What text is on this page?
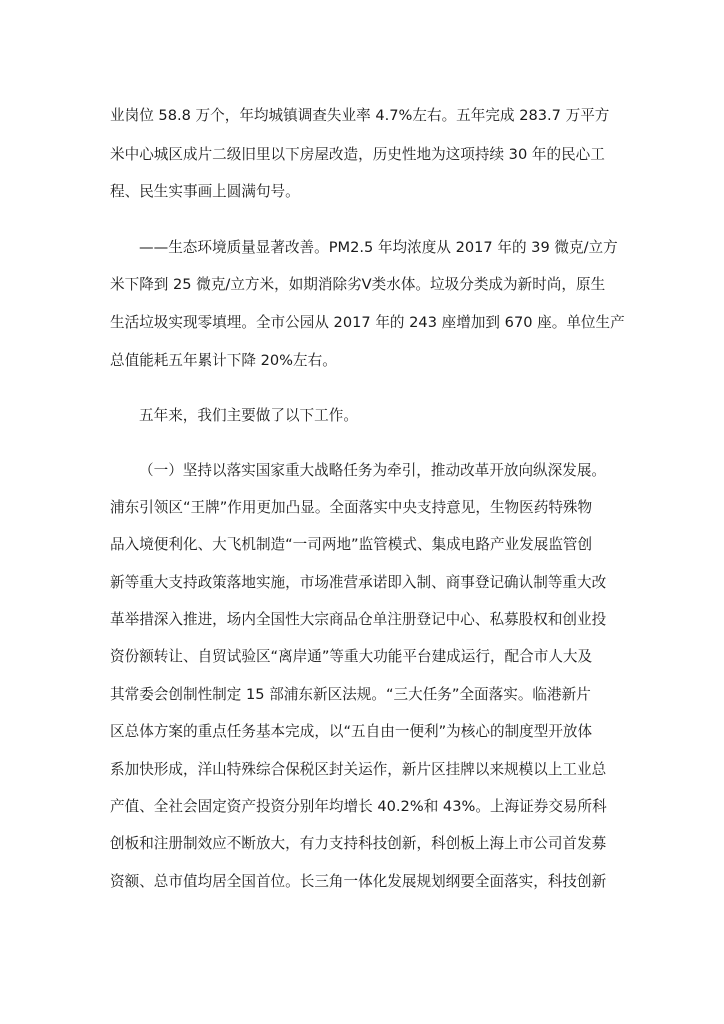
业岗位 58.8 万个，年均城镇调查失业率 4.7%左右。五年完成 283.7 万平方
米中心城区成片二级旧里以下房屋改造，历史性地为这项持续 30 年的民心工
程、民生实事画上圆满句号。
——生态环境质量显著改善。PM2.5 年均浓度从 2017 年的 39 微克/立方
米下降到 25 微克/立方米，如期消除劣Ⅴ类水体。垃圾分类成为新时尚，原生
生活垃圾实现零填埋。全市公园从 2017 年的 243 座增加到 670 座。单位生产
总值能耗五年累计下降 20%左右。
五年来，我们主要做了以下工作。
（一）坚持以落实国家重大战略任务为牵引，推动改革开放向纵深发展。
浦东引领区“王牌”作用更加凸显。全面落实中央支持意见，生物医药特殊物
品入境便利化、大飞机制造“一司两地”监管模式、集成电路产业发展监管创
新等重大支持政策落地实施，市场准营承诺即入制、商事登记确认制等重大改
革举措深入推进，场内全国性大宗商品仓单注册登记中心、私募股权和创业投
资份额转让、自贸试验区“离岸通”等重大功能平台建成运行，配合市人大及
其常委会创制性制定 15 部浦东新区法规。“三大任务”全面落实。临港新片
区总体方案的重点任务基本完成，以“五自由一便利”为核心的制度型开放体
系加快形成，洋山特殊综合保税区封关运作，新片区挂牌以来规模以上工业总
产值、全社会固定资产投资分别年均增长 40.2%和 43%。上海证券交易所科
创板和注册制效应不断放大，有力支持科技创新，科创板上海上市公司首发募
资额、总市值均居全国首位。长三角一体化发展规划纲要全面落实，科技创新
